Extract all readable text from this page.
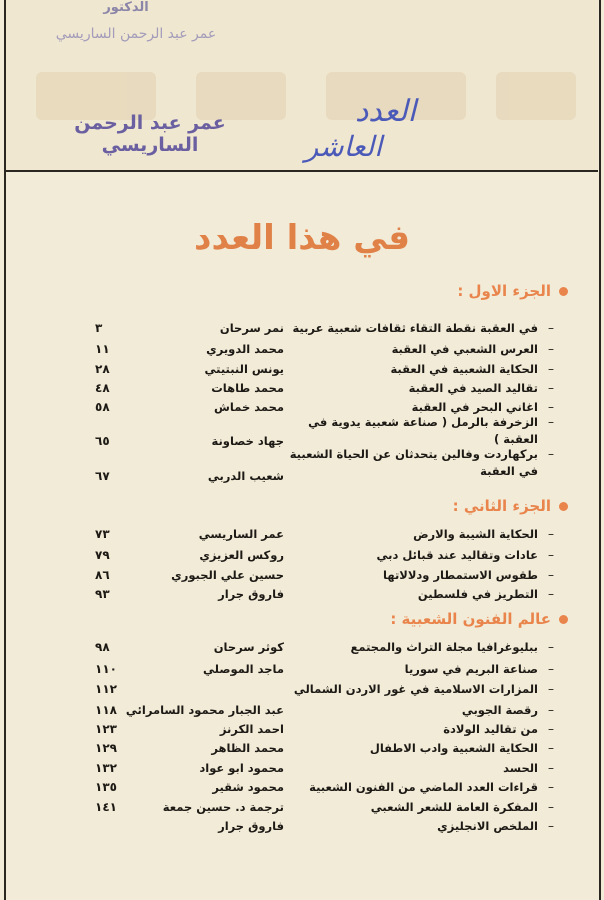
الدكتور
عمر عبد الرحمن الساريسي
عمر عبد الرحمن الساريسي
العدد
العاشر
في هذا العدد
الجزء الاول :
–
في العقبة نقطة التقاء ثقافات شعبية عربية
نمر سرحان
٣
–
العرس الشعبي في العقبة
محمد الدويري
١١
–
الحكاية الشعبية في العقبة
يونس النبتيتي
٢٨
–
تقاليد الصيد في العقبة
محمد طاهات
٤٨
–
اغاني البحر في العقبة
محمد خماش
٥٨
–
الزخرفة بالرمل ( صناعة شعبية يدوية في العقبة )
جهاد خصاونة
٦٥
–
بركهاردت وفالين يتحدثان عن الحياة الشعبية في العقبة
شعيب الدربي
٦٧
الجزء الثاني :
–
الحكاية الشيبة والارض
عمر الساريسي
٧٣
–
عادات وتقاليد عند قبائل دبي
روكس العزيزي
٧٩
–
طقوس الاستمطار ودلالاتها
حسين علي الجبوري
٨٦
–
التطريز في فلسطين
فاروق جرار
٩٣
عالم الفنون الشعبية :
–
ببليوغرافيا مجلة التراث والمجتمع
كوثر سرحان
٩٨
–
صناعة البريم في سوريا
ماجد الموصلي
١١٠
–
المزارات الاسلامية في غور الاردن الشمالي
١١٢
–
رقصة الجوبي
عبد الجبار محمود السامرائي
١١٨
–
من تقاليد الولادة
احمد الكرنز
١٢٣
–
الحكاية الشعبية وادب الاطفال
محمد الظاهر
١٢٩
–
الحسد
محمود ابو عواد
١٣٢
–
قراءات العدد الماضي من الفنون الشعبية
محمود شقير
١٣٥
–
المفكرة العامة للشعر الشعبي
ترجمة د. حسين جمعة
١٤١
–
الملخص الانجليزي
فاروق جرار
